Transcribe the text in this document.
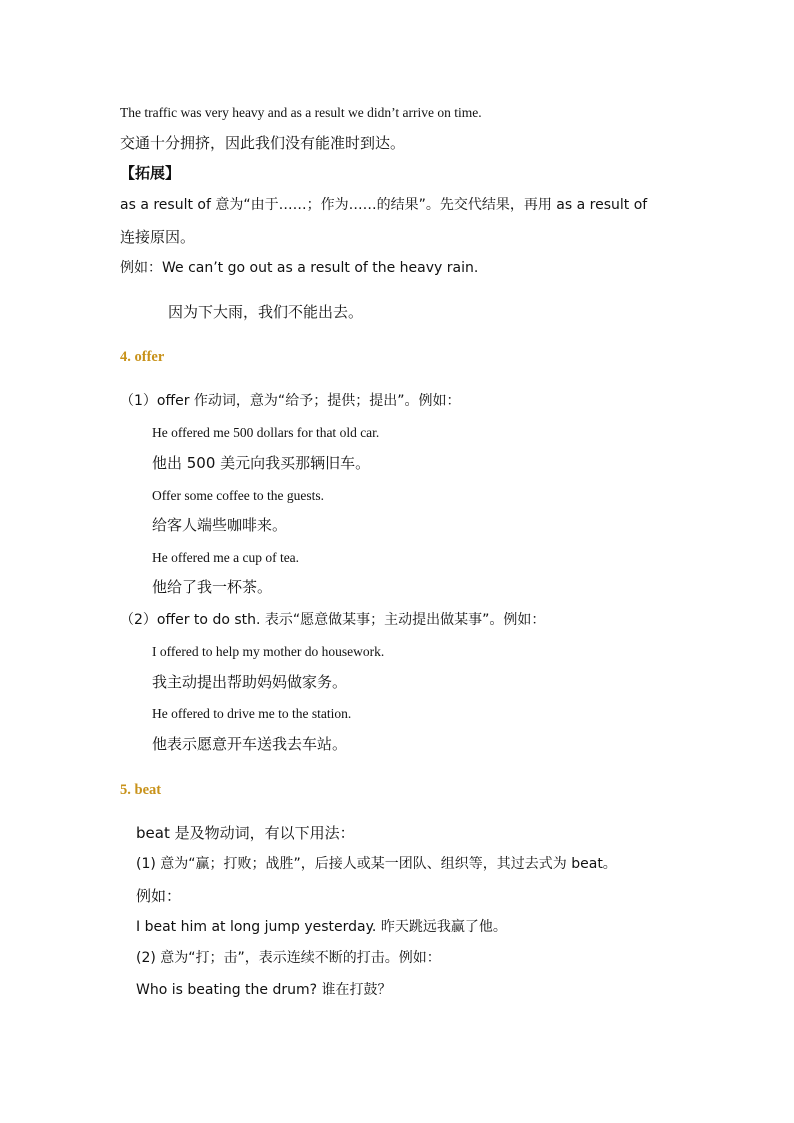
The traffic was very heavy and as a result we didn’t arrive on time.
交通十分拥挤，因此我们没有能准时到达。
【拓展】
as a result of 意为“由于……；作为……的结果”。先交代结果，再用 as a result of
连接原因。
例如：We can’t go out as a result of the heavy rain.
因为下大雨，我们不能出去。
4. offer
（1）offer 作动词，意为“给予；提供；提出”。例如：
He offered me 500 dollars for that old car.
他出 500 美元向我买那辆旧车。
Offer some coffee to the guests.
给客人端些咖啡来。
He offered me a cup of tea.
他给了我一杯茶。
（2）offer to do sth. 表示“愿意做某事；主动提出做某事”。例如：
I offered to help my mother do housework.
我主动提出帮助妈妈做家务。
He offered to drive me to the station.
他表示愿意开车送我去车站。
5. beat
beat 是及物动词，有以下用法：
(1) 意为“赢；打败；战胜”，后接人或某一团队、组织等，其过去式为 beat。
例如：
I beat him at long jump yesterday. 昨天跳远我赢了他。
(2) 意为“打；击”，表示连续不断的打击。例如：
Who is beating the drum? 谁在打鼓？
